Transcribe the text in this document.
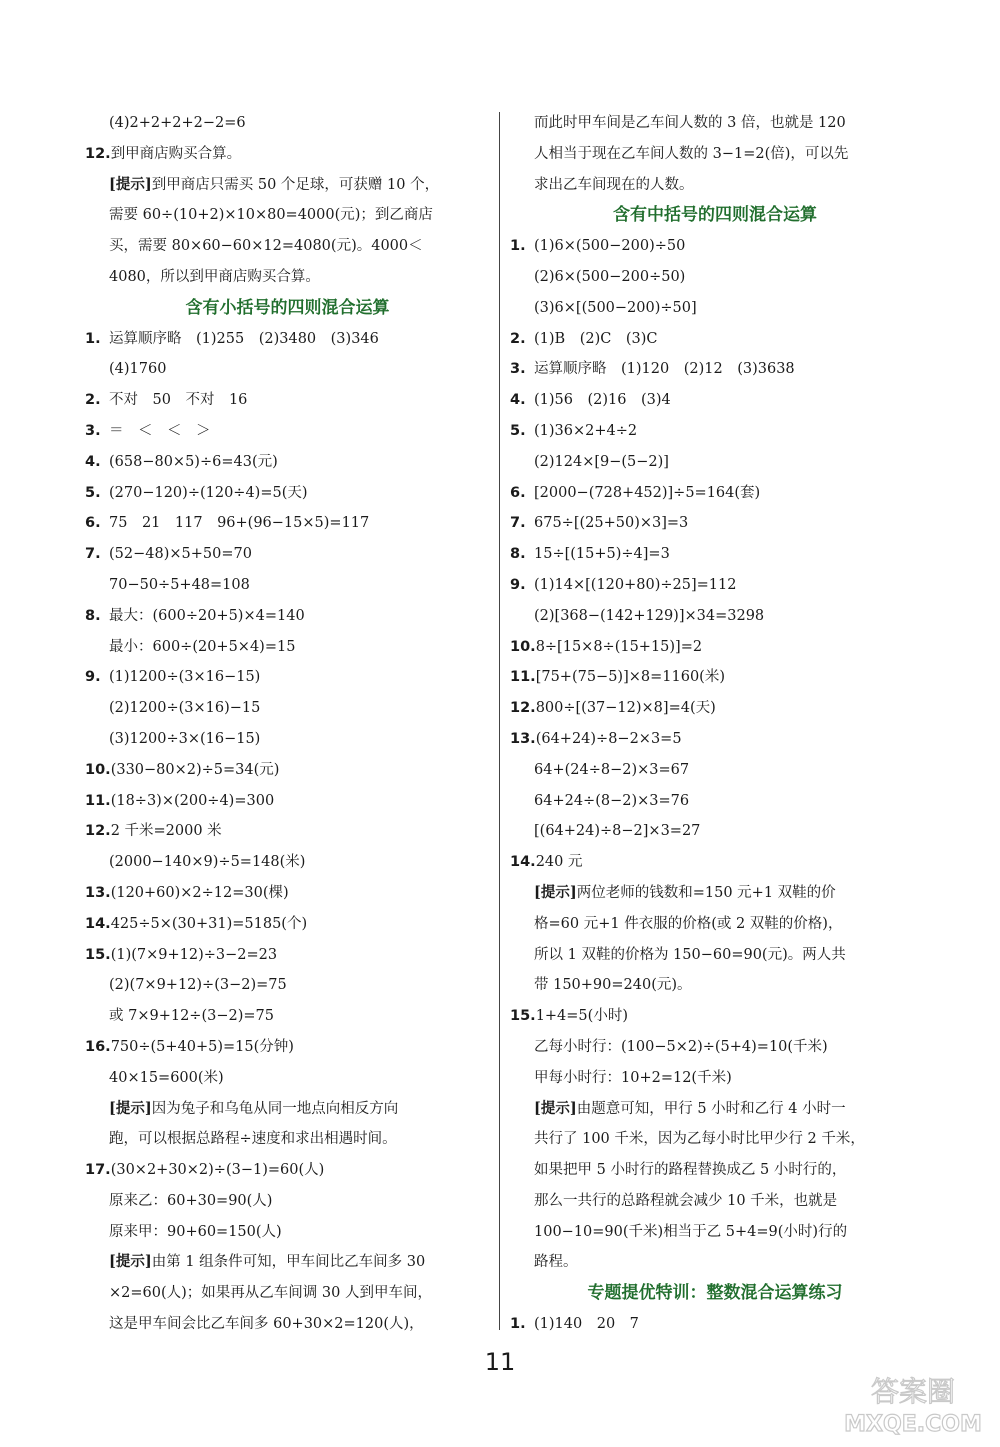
(4)2+2+2+2−2=6
12.到甲商店购买合算。
[提示]到甲商店只需买 50 个足球，可获赠 10 个，
需要 60÷(10+2)×10×80=4000(元)；到乙商店
买，需要 80×60−60×12=4080(元)。4000＜
4080，所以到甲商店购买合算。
含有小括号的四则混合运算
1. 运算顺序略　(1)255　(2)3480　(3)346
(4)1760
2. 不对　50　不对　16
3. ＝　＜　＜　＞
4. (658−80×5)÷6=43(元)
5. (270−120)÷(120÷4)=5(天)
6. 75　21　117　96+(96−15×5)=117
7. (52−48)×5+50=70
70−50÷5+48=108
8. 最大：(600÷20+5)×4=140
最小：600÷(20+5×4)=15
9. (1)1200÷(3×16−15)
(2)1200÷(3×16)−15
(3)1200÷3×(16−15)
10.(330−80×2)÷5=34(元)
11.(18÷3)×(200÷4)=300
12.2 千米=2000 米
(2000−140×9)÷5=148(米)
13.(120+60)×2÷12=30(棵)
14.425÷5×(30+31)=5185(个)
15.(1)(7×9+12)÷3−2=23
(2)(7×9+12)÷(3−2)=75
或 7×9+12÷(3−2)=75
16.750÷(5+40+5)=15(分钟)
40×15=600(米)
[提示]因为兔子和乌龟从同一地点向相反方向
跑，可以根据总路程÷速度和求出相遇时间。
17.(30×2+30×2)÷(3−1)=60(人)
原来乙：60+30=90(人)
原来甲：90+60=150(人)
[提示]由第 1 组条件可知，甲车间比乙车间多 30
×2=60(人)；如果再从乙车间调 30 人到甲车间，
这是甲车间会比乙车间多 60+30×2=120(人)，
而此时甲车间是乙车间人数的 3 倍，也就是 120
人相当于现在乙车间人数的 3−1=2(倍)，可以先
求出乙车间现在的人数。
含有中括号的四则混合运算
1. (1)6×(500−200)÷50
(2)6×(500−200÷50)
(3)6×[(500−200)÷50]
2. (1)B　(2)C　(3)C
3. 运算顺序略　(1)120　(2)12　(3)3638
4. (1)56　(2)16　(3)4
5. (1)36×2+4÷2
(2)124×[9−(5−2)]
6. [2000−(728+452)]÷5=164(套)
7. 675÷[(25+50)×3]=3
8. 15÷[(15+5)÷4]=3
9. (1)14×[(120+80)÷25]=112
(2)[368−(142+129)]×34=3298
10.8÷[15×8÷(15+15)]=2
11.[75+(75−5)]×8=1160(米)
12.800÷[(37−12)×8]=4(天)
13.(64+24)÷8−2×3=5
64+(24÷8−2)×3=67
64+24÷(8−2)×3=76
[(64+24)÷8−2]×3=27
14.240 元
[提示]两位老师的钱数和=150 元+1 双鞋的价
格=60 元+1 件衣服的价格(或 2 双鞋的价格)，
所以 1 双鞋的价格为 150−60=90(元)。两人共
带 150+90=240(元)。
15.1+4=5(小时)
乙每小时行：(100−5×2)÷(5+4)=10(千米)
甲每小时行：10+2=12(千米)
[提示]由题意可知，甲行 5 小时和乙行 4 小时一
共行了 100 千米，因为乙每小时比甲少行 2 千米，
如果把甲 5 小时行的路程替换成乙 5 小时行的，
那么一共行的总路程就会减少 10 千米，也就是
100−10=90(千米)相当于乙 5+4=9(小时)行的
路程。
专题提优特训：整数混合运算练习
1. (1)140　20　7
11
答案圈
MXQE.COM
